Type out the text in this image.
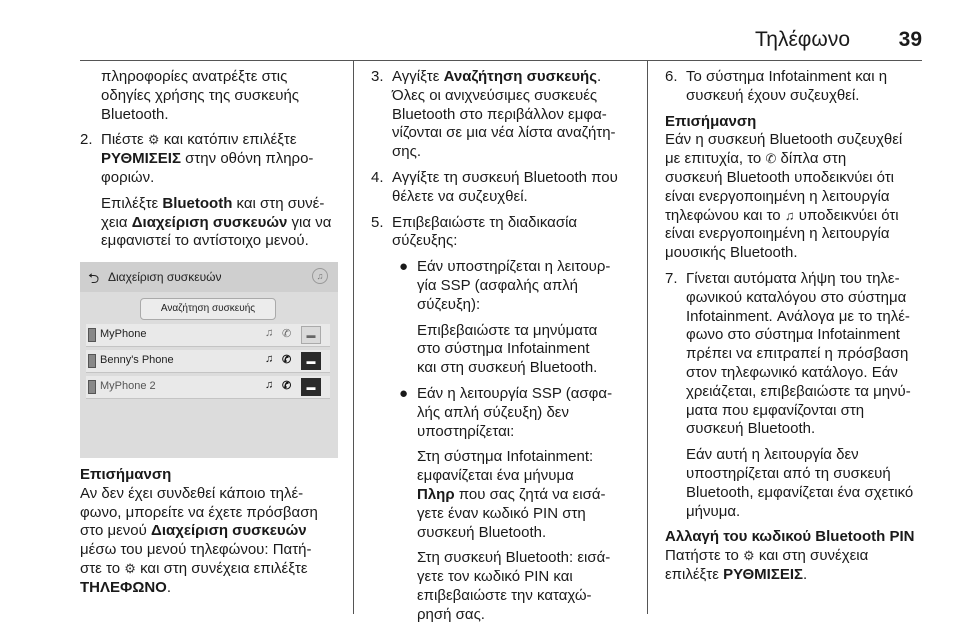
Τηλέφωνο 39
πληροφορίες ανατρέξτε στις
οδηγίες χρήσης της συσκευής
Bluetooth.
2. Πιέστε ⚙ και κατόπιν επιλέξτε
ΡΥΘΜΙΣΕΙΣ στην οθόνη πληρο-
φοριών.
Επιλέξτε Bluetooth και στη συνέ-
χεια Διαχείριση συσκευών για να
εμφανιστεί το αντίστοιχο μενού.
⮌ Διαχείριση συσκευών	♫
Αναζήτηση συσκευής
MyPhone	♫ ✆	▬
Benny's Phone	♫ ✆	▬
MyPhone 2	♫ ✆	▬

Επισήμανση

Αν δεν έχει συνδεθεί κάποιο τηλέ-
φωνο, μπορείτε να έχετε πρόσβαση
στο μενού Διαχείριση συσκευών
μέσω του μενού τηλεφώνου: Πατή-
στε το ⚙ και στη συνέχεια επιλέξτε
ΤΗΛΕΦΩΝΟ.

3. Αγγίξτε Αναζήτηση συσκευής.
Όλες οι ανιχνεύσιμες συσκευές
Bluetooth στο περιβάλλον εμφα-
νίζονται σε μια νέα λίστα αναζήτη-
σης.
4. Αγγίξτε τη συσκευή Bluetooth που
θέλετε να συζευχθεί.
5. Επιβεβαιώστε τη διαδικασία
σύζευξης:
● Εάν υποστηρίζεται η λειτουρ-
γία SSP (ασφαλής απλή
σύζευξη):
Επιβεβαιώστε τα μηνύματα
στο σύστημα Infotainment
και στη συσκευή Bluetooth.
● Εάν η λειτουργία SSP (ασφα-
λής απλή σύζευξη) δεν
υποστηρίζεται:
Στη σύστημα Infotainment:
εμφανίζεται ένα μήνυμα
Πληρ που σας ζητά να εισά-
γετε έναν κωδικό PIN στη
συσκευή Bluetooth.
Στη συσκευή Bluetooth: εισά-
γετε τον κωδικό PIN και
επιβεβαιώστε την καταχώ-
ρησή σας.
6. Το σύστημα Infotainment και η
συσκευή έχουν συζευχθεί.

Επισήμανση

Εάν η συσκευή Bluetooth συζευχθεί
με επιτυχία, το ✆ δίπλα στη
συσκευή Bluetooth υποδεικνύει ότι
είναι ενεργοποιημένη η λειτουργία
τηλεφώνου και το ♫ υποδεικνύει ότι
είναι ενεργοποιημένη η λειτουργία
μουσικής Bluetooth.

7. Γίνεται αυτόματα λήψη του τηλε-
φωνικού καταλόγου στο σύστημα
Infotainment. Ανάλογα με το τηλέ-
φωνο στο σύστημα Infotainment
πρέπει να επιτραπεί η πρόσβαση
στον τηλεφωνικό κατάλογο. Εάν
χρειάζεται, επιβεβαιώστε τα μηνύ-
ματα που εμφανίζονται στη
συσκευή Bluetooth.
Εάν αυτή η λειτουργία δεν
υποστηρίζεται από τη συσκευή
Bluetooth, εμφανίζεται ένα σχετικό
μήνυμα.

Αλλαγή του κωδικού Bluetooth PIN

Πατήστε το ⚙ και στη συνέχεια
επιλέξτε ΡΥΘΜΙΣΕΙΣ.
